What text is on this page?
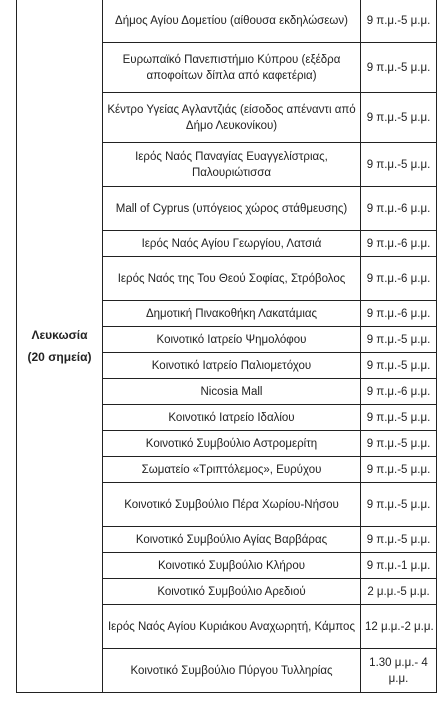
Λευκωσία
(20 σημεία)	Δήμος Αγίου Δομετίου (αίθουσα εκδηλώσεων)	9 π.μ.-5 μ.μ.
	Ευρωπαϊκό Πανεπιστήμιο Κύπρου (εξέδρα αποφοίτων δίπλα από καφετέρια)	9 π.μ.-5 μ.μ.
	Κέντρο Υγείας Αγλαντζιάς (είσοδος απέναντι από Δήμο Λευκονίκου)	9 π.μ.-5 μ.μ.
	Ιερός Ναός Παναγίας Ευαγγελίστριας, Παλουριώτισσα	9 π.μ.-5 μ.μ.
	Mall of Cyprus (υπόγειος χώρος στάθμευσης)	9 π.μ.-6 μ.μ.
	Ιερός Ναός Αγίου Γεωργίου, Λατσιά	9 π.μ.-6 μ.μ.
	Ιερός Ναός της Του Θεού Σοφίας, Στρόβολος	9 π.μ.-6 μ.μ.
	Δημοτική Πινακοθήκη Λακατάμιας	9 π.μ.-6 μ.μ.
	Κοινοτικό Ιατρείο Ψημολόφου	9 π.μ.-5 μ.μ.
	Κοινοτικό Ιατρείο Παλιομετόχου	9 π.μ.-5 μ.μ.
	Nicosia Mall	9 π.μ.-6 μ.μ.
	Κοινοτικό Ιατρείο Ιδαλίου	9 π.μ.-5 μ.μ.
	Κοινοτικό Συμβούλιο Αστρομερίτη	9 π.μ.-5 μ.μ.
	Σωματείο «Τριπτόλεμος», Ευρύχου	9 π.μ.-5 μ.μ.
	Κοινοτικό Συμβούλιο Πέρα Χωρίου-Νήσου	9 π.μ.-5 μ.μ.
	Κοινοτικό Συμβούλιο Αγίας Βαρβάρας	9 π.μ.-5 μ.μ.
	Κοινοτικό Συμβούλιο Κλήρου	9 π.μ.-1 μ.μ.
	Κοινοτικό Συμβούλιο Αρεδιού	2 μ.μ.-5 μ.μ.
	Ιερός Ναός Αγίου Κυριάκου Αναχωρητή, Κάμπος	12 μ.μ.-2 μ.μ.
	Κοινοτικό Συμβούλιο Πύργου Τυλληρίας	1.30 μ.μ.- 4 μ.μ.
